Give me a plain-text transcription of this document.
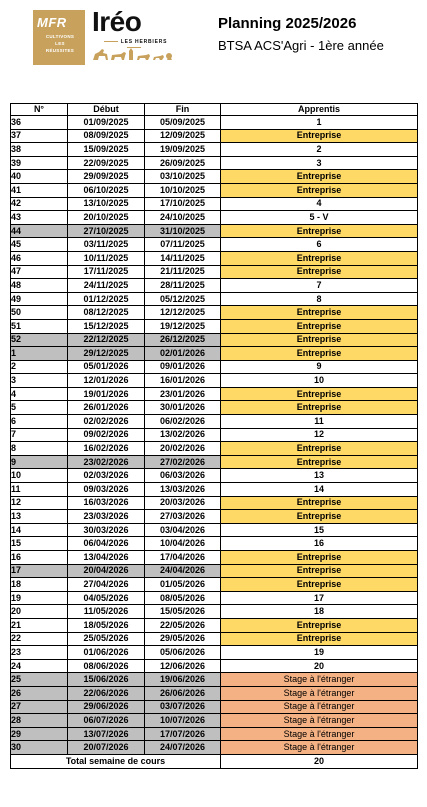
MFR
CULTIVONS
LES
RÉUSSITES
Iréo
LES HERBIERS
Planning 2025/2026
BTSA ACS'Agri - 1ère année
N°	Début	Fin	Apprentis
36	01/09/2025	05/09/2025	1
37	08/09/2025	12/09/2025	Entreprise
38	15/09/2025	19/09/2025	2
39	22/09/2025	26/09/2025	3
40	29/09/2025	03/10/2025	Entreprise
41	06/10/2025	10/10/2025	Entreprise
42	13/10/2025	17/10/2025	4
43	20/10/2025	24/10/2025	5 - V
44	27/10/2025	31/10/2025	Entreprise
45	03/11/2025	07/11/2025	6
46	10/11/2025	14/11/2025	Entreprise
47	17/11/2025	21/11/2025	Entreprise
48	24/11/2025	28/11/2025	7
49	01/12/2025	05/12/2025	8
50	08/12/2025	12/12/2025	Entreprise
51	15/12/2025	19/12/2025	Entreprise
52	22/12/2025	26/12/2025	Entreprise
1	29/12/2025	02/01/2026	Entreprise
2	05/01/2026	09/01/2026	9
3	12/01/2026	16/01/2026	10
4	19/01/2026	23/01/2026	Entreprise
5	26/01/2026	30/01/2026	Entreprise
6	02/02/2026	06/02/2026	11
7	09/02/2026	13/02/2026	12
8	16/02/2026	20/02/2026	Entreprise
9	23/02/2026	27/02/2026	Entreprise
10	02/03/2026	06/03/2026	13
11	09/03/2026	13/03/2026	14
12	16/03/2026	20/03/2026	Entreprise
13	23/03/2026	27/03/2026	Entreprise
14	30/03/2026	03/04/2026	15
15	06/04/2026	10/04/2026	16
16	13/04/2026	17/04/2026	Entreprise
17	20/04/2026	24/04/2026	Entreprise
18	27/04/2026	01/05/2026	Entreprise
19	04/05/2026	08/05/2026	17
20	11/05/2026	15/05/2026	18
21	18/05/2026	22/05/2026	Entreprise
22	25/05/2026	29/05/2026	Entreprise
23	01/06/2026	05/06/2026	19
24	08/06/2026	12/06/2026	20
25	15/06/2026	19/06/2026	Stage à l'étranger
26	22/06/2026	26/06/2026	Stage à l'étranger
27	29/06/2026	03/07/2026	Stage à l'étranger
28	06/07/2026	10/07/2026	Stage à l'étranger
29	13/07/2026	17/07/2026	Stage à l'étranger
30	20/07/2026	24/07/2026	Stage à l'étranger
Total semaine de cours			20
